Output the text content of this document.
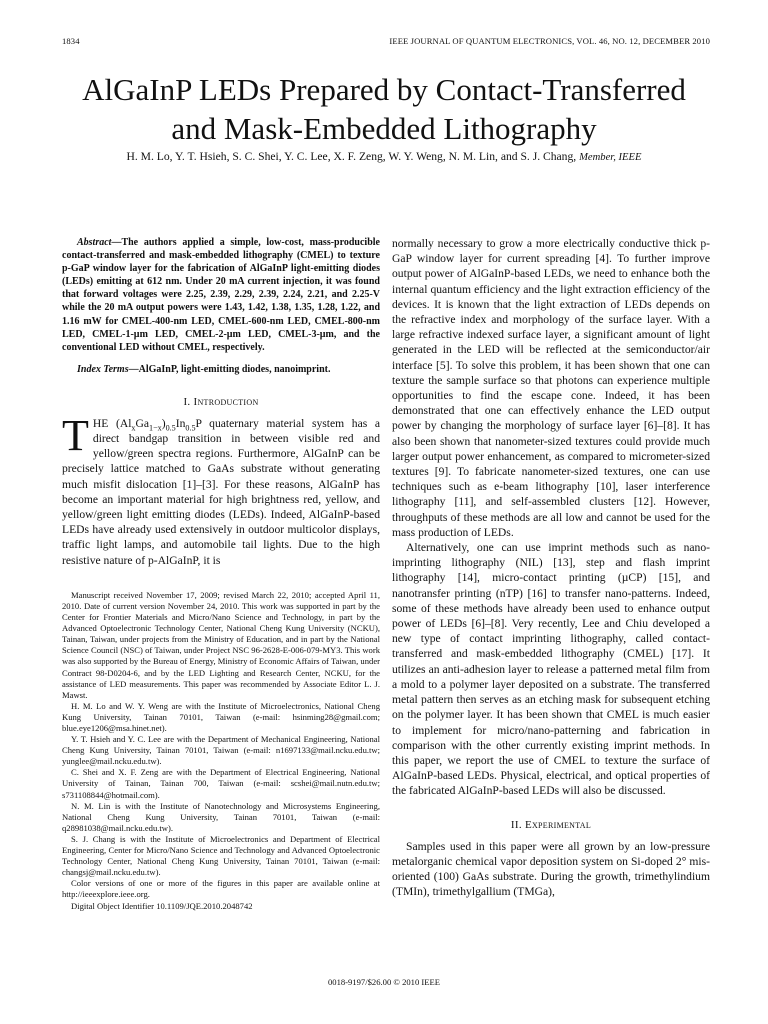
1834	IEEE JOURNAL OF QUANTUM ELECTRONICS, VOL. 46, NO. 12, DECEMBER 2010
AlGaInP LEDs Prepared by Contact-Transferred
and Mask-Embedded Lithography
H. M. Lo, Y. T. Hsieh, S. C. Shei, Y. C. Lee, X. F. Zeng, W. Y. Weng, N. M. Lin, and S. J. Chang, Member, IEEE

Abstract—The authors applied a simple, low-cost, mass-producible contact-transferred and mask-embedded lithography (CMEL) to texture p-GaP window layer for the fabrication of AlGaInP light-emitting diodes (LEDs) emitting at 612 nm. Under 20 mA current injection, it was found that forward voltages were 2.25, 2.39, 2.29, 2.39, 2.24, 2.21, and 2.25-V while the 20 mA output powers were 1.43, 1.42, 1.38, 1.35, 1.28, 1.22, and 1.16 mW for CMEL-400-nm LED, CMEL-600-nm LED, CMEL-800-nm LED, CMEL-1-µm LED, CMEL-2-µm LED, CMEL-3-µm, and the conventional LED without CMEL, respectively.

Index Terms—AlGaInP, light-emitting diodes, nanoimprint.

I. Introduction

THE $(Al_xGa_{1-x})_{0.5}In_{0.5}P$ quaternary material system has a direct bandgap transition in between visible red and yellow/green spectra regions. Furthermore, AlGaInP can be precisely lattice matched to GaAs substrate without generating much misfit dislocation [1]–[3]. For these reasons, AlGaInP has become an important material for high brightness red, yellow, and yellow/green light emitting diodes (LEDs). Indeed, AlGaInP-based LEDs have already used extensively in outdoor multicolor displays, traffic light lamps, and automobile tail lights. Due to the high resistive nature of p-AlGaInP, it is

Manuscript received November 17, 2009; revised March 22, 2010; accepted April 11, 2010. Date of current version November 24, 2010. This work was supported in part by the Center for Frontier Materials and Micro/Nano Science and Technology, in part by the Advanced Optoelectronic Technology Center, National Cheng Kung University (NCKU), Tainan, Taiwan, under projects from the Ministry of Education, and in part by the National Science Council (NSC) of Taiwan, under Project NSC 96-2628-E-006-079-MY3. This work was also supported by the Bureau of Energy, Ministry of Economic Affairs of Taiwan, under Contract 98-D0204-6, and by the LED Lighting and Research Center, NCKU, for the assistance of LED measurements. This paper was recommended by Associate Editor L. J. Mawst.

H. M. Lo and W. Y. Weng are with the Institute of Microelectronics, National Cheng Kung University, Tainan 70101, Taiwan (e-mail: hsinming28@gmail.com; blue.eye1206@msa.hinet.net).

Y. T. Hsieh and Y. C. Lee are with the Department of Mechanical Engineering, National Cheng Kung University, Tainan 70101, Taiwan (e-mail: n1697133@mail.ncku.edu.tw; yunglee@mail.ncku.edu.tw).

C. Shei and X. F. Zeng are with the Department of Electrical Engineering, National University of Tainan, Tainan 700, Taiwan (e-mail: scshei@mail.nutn.edu.tw; s731108844@hotmail.com).

N. M. Lin is with the Institute of Nanotechnology and Microsystems Engineering, National Cheng Kung University, Tainan 70101, Taiwan (e-mail: q28981038@mail.ncku.edu.tw).

S. J. Chang is with the Institute of Microelectronics and Department of Electrical Engineering, Center for Micro/Nano Science and Technology and Advanced Optoelectronic Technology Center, National Cheng Kung University, Tainan 70101, Taiwan (e-mail: changsj@mail.ncku.edu.tw).

Color versions of one or more of the figures in this paper are available online at http://ieeexplore.ieee.org.

Digital Object Identifier 10.1109/JQE.2010.2048742

normally necessary to grow a more electrically conductive thick p-GaP window layer for current spreading [4]. To further improve output power of AlGaInP-based LEDs, we need to enhance both the internal quantum efficiency and the light extraction efficiency of the devices. It is known that the light extraction of LEDs depends on the refractive index and morphology of the surface layer. With a large refractive indexed surface layer, a significant amount of light generated in the LED will be reflected at the semiconductor/air interface [5]. To solve this problem, it has been shown that one can texture the sample surface so that photons can experience multiple opportunities to find the escape cone. Indeed, it has been demonstrated that one can effectively enhance the LED output power by changing the morphology of surface layer [6]–[8]. It has also been shown that nanometer-sized textures could provide much larger output power enhancement, as compared to micrometer-sized textures [9]. To fabricate nanometer-sized textures, one can use techniques such as e-beam lithography [10], laser interference lithography [11], and self-assembled clusters [12]. However, throughputs of these methods are all low and cannot be used for the mass production of LEDs.

Alternatively, one can use imprint methods such as nano-imprinting lithography (NIL) [13], step and flash imprint lithography [14], micro-contact printing (µCP) [15], and nanotransfer printing (nTP) [16] to transfer nano-patterns. Indeed, some of these methods have already been used to enhance output power of LEDs [6]–[8]. Very recently, Lee and Chiu developed a new type of contact imprinting lithography, called contact-transferred and mask-embedded lithography (CMEL) [17]. It utilizes an anti-adhesion layer to release a patterned metal film from a mold to a polymer layer deposited on a substrate. The transferred metal pattern then serves as an etching mask for subsequent etching on the polymer layer. It has been shown that CMEL is much easier to implement for micro/nano-patterning and fabrication in comparison with the other currently existing imprint methods. In this paper, we report the use of CMEL to texture the surface of AlGaInP-based LEDs. Physical, electrical, and optical properties of the fabricated AlGaInP-based LEDs will also be discussed.

II. Experimental

Samples used in this paper were all grown by an low-pressure metalorganic chemical vapor deposition system on Si-doped 2° mis-oriented (100) GaAs substrate. During the growth, trimethylindium (TMIn), trimethylgallium (TMGa),

0018-9197/$26.00 © 2010 IEEE
